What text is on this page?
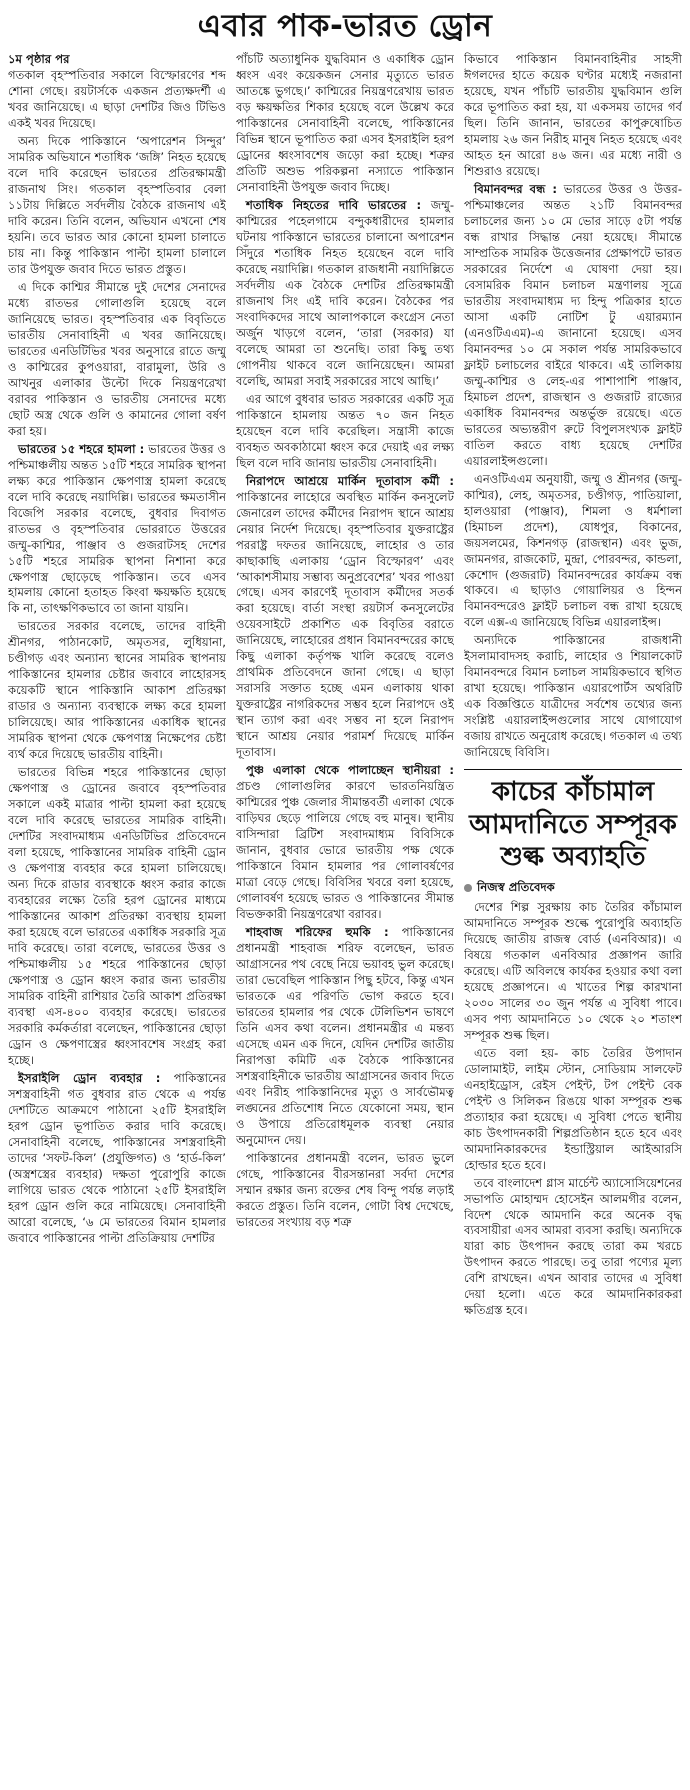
এবার পাক-ভারত ড্রোন

১ম পৃষ্ঠার পর
গতকাল বৃহস্পতিবার সকালে বিস্ফোরণের শব্দ শোনা গেছে। রয়টার্সকে একজন প্রত্যক্ষদর্শী এ খবর জানিয়েছে। এ ছাড়া দেশটির জিও টিভিও একই খবর দিয়েছে।

অন্য দিকে পাকিস্তানে ‘অপারেশন সিন্দুর’ সামরিক অভিযানে শতাধিক ‘জঙ্গি’ নিহত হয়েছে বলে দাবি করেছেন ভারতের প্রতিরক্ষামন্ত্রী রাজনাথ সিং। গতকাল বৃহস্পতিবার বেলা ১১টায় দিল্লিতে সর্বদলীয় বৈঠকে রাজনাথ এই দাবি করেন। তিনি বলেন, অভিযান এখনো শেষ হয়নি। তবে ভারত আর কোনো হামলা চালাতে চায় না। কিন্তু পাকিস্তান পাল্টা হামলা চালালে তার উপযুক্ত জবাব দিতে ভারত প্রস্তুত।

এ দিকে কাশ্মির সীমান্তে দুই দেশের সেনাদের মধ্যে রাতভর গোলাগুলি হয়েছে বলে জানিয়েছে ভারত। বৃহস্পতিবার এক বিবৃতিতে ভারতীয় সেনাবাহিনী এ খবর জানিয়েছে। ভারতের এনডিটিভির খবর অনুসারে রাতে জম্মু ও কাশ্মিরের কুপওয়ারা, বারামুলা, উরি ও আখনুর এলাকার উল্টো দিকে নিয়ন্ত্রণরেখা বরাবর পাকিস্তান ও ভারতীয় সেনাদের মধ্যে ছোট অস্ত্র থেকে গুলি ও কামানের গোলা বর্ষণ করা হয়।

ভারতের ১৫ শহরে হামলা : ভারতের উত্তর ও পশ্চিমাঞ্চলীয় অন্তত ১৫টি শহরে সামরিক স্থাপনা লক্ষ্য করে পাকিস্তান ক্ষেপণাস্ত্র হামলা করেছে বলে দাবি করেছে নয়াদিল্লি। ভারতের ক্ষমতাসীন বিজেপি সরকার বলেছে, বুধবার দিবাগত রাতভর ও বৃহস্পতিবার ভোররাতে উত্তরের জম্মু-কাশ্মির, পাঞ্জাব ও গুজরাটসহ দেশের ১৫টি শহরে সামরিক স্থাপনা নিশানা করে ক্ষেপণাস্ত্র ছোড়েছে পাকিস্তান। তবে এসব হামলায় কোনো হতাহত কিংবা ক্ষয়ক্ষতি হয়েছে কি না, তাৎক্ষণিকভাবে তা জানা যায়নি।

ভারতের সরকার বলেছে, তাদের বাহিনী শ্রীনগর, পাঠানকোট, অমৃতসর, লুধিয়ানা, চণ্ডীগড় এবং অন্যান্য স্থানের সামরিক স্থাপনায় পাকিস্তানের হামলার চেষ্টার জবাবে লাহোরসহ কয়েকটি স্থানে পাকিস্তানি আকাশ প্রতিরক্ষা রাডার ও অন্যান্য ব্যবস্থাকে লক্ষ্য করে হামলা চালিয়েছে। আর পাকিস্তানের একাধিক স্থানের সামরিক স্থাপনা থেকে ক্ষেপণাস্ত্র নিক্ষেপের চেষ্টা ব্যর্থ করে দিয়েছে ভারতীয় বাহিনী।

ভারতের বিভিন্ন শহরে পাকিস্তানের ছোড়া ক্ষেপণাস্ত্র ও ড্রোনের জবাবে বৃহস্পতিবার সকালে একই মাত্রার পাল্টা হামলা করা হয়েছে বলে দাবি করেছে ভারতের সামরিক বাহিনী। দেশটির সংবাদমাধ্যম এনডিটিভির প্রতিবেদনে বলা হয়েছে, পাকিস্তানের সামরিক বাহিনী ড্রোন ও ক্ষেপণাস্ত্র ব্যবহার করে হামলা চালিয়েছে। অন্য দিকে রাডার ব্যবস্থাকে ধ্বংস করার কাজে ব্যবহারের লক্ষ্যে তৈরি হরপ ড্রোনের মাধ্যমে পাকিস্তানের আকাশ প্রতিরক্ষা ব্যবস্থায় হামলা করা হয়েছে বলে ভারতের একাধিক সরকারি সূত্র দাবি করেছে। তারা বলেছে, ভারতের উত্তর ও পশ্চিমাঞ্চলীয় ১৫ শহরে পাকিস্তানের ছোড়া ক্ষেপণাস্ত্র ও ড্রোন ধ্বংস করার জন্য ভারতীয় সামরিক বাহিনী রাশিয়ার তৈরি আকাশ প্রতিরক্ষা ব্যবস্থা এস-৪০০ ব্যবহার করেছে। ভারতের সরকারি কর্মকর্তারা বলেছেন, পাকিস্তানের ছোড়া ড্রোন ও ক্ষেপণাস্ত্রের ধ্বংসাবশেষ সংগ্রহ করা হচ্ছে।

ইসরাইলি ড্রোন ব্যবহার : পাকিস্তানের সশস্ত্রবাহিনী গত বুধবার রাত থেকে এ পর্যন্ত দেশটিতে আক্রমণে পাঠানো ২৫টি ইসরাইলি হরপ ড্রোন ভূপাতিত করার দাবি করেছে। সেনাবাহিনী বলেছে, পাকিস্তানের সশস্ত্রবাহিনী তাদের ‘সফট-কিল’ (প্রযুক্তিগত) ও ‘হার্ড-কিল’ (অস্ত্রশস্ত্রের ব্যবহার) দক্ষতা পুরোপুরি কাজে লাগিয়ে ভারত থেকে পাঠানো ২৫টি ইসরাইলি হরপ ড্রোন গুলি করে নামিয়েছে। সেনাবাহিনী আরো বলেছে, ‘৬ মে ভারতের বিমান হামলার জবাবে পাকিস্তানের পাল্টা প্রতিক্রিয়ায় দেশটির

পাঁচটি অত্যাধুনিক যুদ্ধবিমান ও একাধিক ড্রোন ধ্বংস এবং কয়েকজন সেনার মৃত্যুতে ভারত আতঙ্কে ভুগছে।’ কাশ্মিরের নিয়ন্ত্রণরেখায় ভারত বড় ক্ষয়ক্ষতির শিকার হয়েছে বলে উল্লেখ করে পাকিস্তানের সেনাবাহিনী বলেছে, পাকিস্তানের বিভিন্ন স্থানে ভূপাতিত করা এসব ইসরাইলি হরপ ড্রোনের ধ্বংসাবশেষ জড়ো করা হচ্ছে। শত্রুর প্রতিটি অশুভ পরিকল্পনা নস্যাতে পাকিস্তান সেনাবাহিনী উপযুক্ত জবাব দিচ্ছে।

শতাধিক নিহতের দাবি ভারতের : জম্মু-কাশ্মিরের পহেলগামে বন্দুকধারীদের হামলার ঘটনায় পাকিস্তানে ভারতের চালানো অপারেশন সিঁদুরে শতাধিক নিহত হয়েছেন বলে দাবি করেছে নয়াদিল্লি। গতকাল রাজধানী নয়াদিল্লিতে সর্বদলীয় এক বৈঠকে দেশটির প্রতিরক্ষামন্ত্রী রাজনাথ সিং এই দাবি করেন। বৈঠকের পর সংবাদিকদের সাথে আলাপকালে কংগ্রেস নেতা অর্জুন খাড়গে বলেন, ‘তারা (সরকার) যা বলেছে আমরা তা শুনেছি। তারা কিছু তথ্য গোপনীয় থাকবে বলে জানিয়েছেন। আমরা বলেছি, আমরা সবাই সরকারের সাথে আছি।’

এর আগে বুধবার ভারত সরকারের একটি সূত্র পাকিস্তানে হামলায় অন্তত ৭০ জন নিহত হয়েছেন বলে দাবি করেছিল। সন্ত্রাসী কাজে ব্যবহৃত অবকাঠামো ধ্বংস করে দেয়াই এর লক্ষ্য ছিল বলে দাবি জানায় ভারতীয় সেনাবাহিনী।

নিরাপদে আশ্রয়ে মার্কিন দূতাবাস কর্মী : পাকিস্তানের লাহোরে অবস্থিত মার্কিন কনসুলেট জেনারেল তাদের কর্মীদের নিরাপদ স্থানে আশ্রয় নেয়ার নির্দেশ দিয়েছে। বৃহস্পতিবার যুক্তরাষ্ট্রের পররাষ্ট্র দফতর জানিয়েছে, লাহোর ও তার কাছাকাছি এলাকায় ‘ড্রোন বিস্ফোরণ’ এবং ‘আকাশসীমায় সম্ভাব্য অনুপ্রবেশের’ খবর পাওয়া গেছে। এসব কারণেই দূতাবাস কর্মীদের সতর্ক করা হয়েছে। বার্তা সংস্থা রয়টার্স কনসুলেটের ওয়েবসাইটে প্রকাশিত এক বিবৃতির বরাতে জানিয়েছে, লাহোরের প্রধান বিমানবন্দরের কাছে কিছু এলাকা কর্তৃপক্ষ খালি করেছে বলেও প্রাথমিক প্রতিবেদনে জানা গেছে। এ ছাড়া সরাসরি সক্তাত হচ্ছে এমন এলাকায় থাকা যুক্তরাষ্ট্রের নাগরিকদের সম্ভব হলে নিরাপদে ওই স্থান ত্যাগ করা এবং সম্ভব না হলে নিরাপদ স্থানে আশ্রয় নেয়ার পরামর্শ দিয়েছে মার্কিন দূতাবাস।

পুঞ্চ এলাকা থেকে পালাচ্ছেন স্থানীয়রা : প্রচণ্ড গোলাগুলির কারণে ভারতনিয়ন্ত্রিত কাশ্মিরের পুঞ্চ জেলার সীমান্তবর্তী এলাকা থেকে বাড়িঘর ছেড়ে পালিয়ে গেছে বহু মানুষ। স্থানীয় বাসিন্দারা ব্রিটিশ সংবাদমাধ্যম বিবিসিকে জানান, বুধবার ভোরে ভারতীয় পক্ষ থেকে পাকিস্তানে বিমান হামলার পর গোলাবর্ষণের মাত্রা বেড়ে গেছে। বিবিসির খবরে বলা হয়েছে, গোলাবর্ষণ হয়েছে ভারত ও পাকিস্তানের সীমান্ত বিভক্তকারী নিয়ন্ত্রণরেখা বরাবর।

শাহবাজ শরিফের হুমকি : পাকিস্তানের প্রধানমন্ত্রী শাহবাজ শরিফ বলেছেন, ভারত আগ্রাসনের পথ বেছে নিয়ে ভয়াবহ ভুল করেছে। তারা ভেবেছিল পাকিস্তান পিছু হটবে, কিন্তু এখন ভারতকে এর পরিণতি ভোগ করতে হবে। ভারতের হামলার পর থেকে টেলিভিশন ভাষণে তিনি এসব কথা বলেন। প্রধানমন্ত্রীর এ মন্তব্য এসেছে এমন এক দিনে, যেদিন দেশটির জাতীয় নিরাপত্তা কমিটি এক বৈঠকে পাকিস্তানের সশস্ত্রবাহিনীকে ভারতীয় আগ্রাসনের জবাব দিতে এবং নিরীহ পাকিস্তানিদের মৃত্যু ও সার্বভৌমত্ব লঙ্ঘনের প্রতিশোধ নিতে যেকোনো সময়, স্থান ও উপায়ে প্রতিরোধমূলক ব্যবস্থা নেয়ার অনুমোদন দেয়।

পাকিস্তানের প্রধানমন্ত্রী বলেন, ভারত ভুলে গেছে, পাকিস্তানের বীরসন্তানরা সর্বদা দেশের সম্মান রক্ষার জন্য রক্তের শেষ বিন্দু পর্যন্ত লড়াই করতে প্রস্তুত। তিনি বলেন, গোটা বিশ্ব দেখেছে, ভারতের সংখ্যায় বড় শত্রু

কিভাবে পাকিস্তান বিমানবাহিনীর সাহসী ঈগলদের হাতে কয়েক ঘণ্টার মধ্যেই নজরানা হয়েছে, যখন পাঁচটি ভারতীয় যুদ্ধবিমান গুলি করে ভূপাতিত করা হয়, যা একসময় তাদের গর্ব ছিল। তিনি জানান, ভারতের কাপুরুষোচিত হামলায় ২৬ জন নিরীহ মানুষ নিহত হয়েছে এবং আহত হন আরো ৪৬ জন। এর মধ্যে নারী ও শিশুরাও রয়েছে।

বিমানবন্দর বন্ধ : ভারতের উত্তর ও উত্তর-পশ্চিমাঞ্চলের অন্তত ২১টি বিমানবন্দর চলাচলের জন্য ১০ মে ভোর সাড়ে ৫টা পর্যন্ত বন্ধ রাখার সিদ্ধান্ত নেয়া হয়েছে। সীমান্তে সাম্প্রতিক সামরিক উত্তেজনার প্রেক্ষাপটে ভারত সরকারের নির্দেশে এ ঘোষণা দেয়া হয়। বেসামরিক বিমান চলাচল মন্ত্রণালয় সূত্রে ভারতীয় সংবাদমাধ্যম দ্য হিন্দু পত্রিকার হাতে আসা একটি নোটিশ টু এয়ারম্যান (এনওটিএএম)-এ জানানো হয়েছে। এসব বিমানবন্দর ১০ মে সকাল পর্যন্ত সামরিকভাবে ফ্লাইট চলাচলের বাইরে থাকবে। এই তালিকায় জম্মু-কাশ্মির ও লেহ-এর পাশাপাশি পাঞ্জাব, হিমাচল প্রদেশ, রাজস্থান ও গুজরাট রাজ্যের একাধিক বিমানবন্দর অন্তর্ভুক্ত রয়েছে। এতে ভারতের অভ্যন্তরীণ রুটে বিপুলসংখ্যক ফ্লাইট বাতিল করতে বাধ্য হয়েছে দেশটির এয়ারলাইন্সগুলো।

এনওটিএএম অনুযায়ী, জম্মু ও শ্রীনগর (জম্মু-কাশ্মির), লেহ, অমৃতসর, চণ্ডীগড়, পাতিয়ালা, হালওয়ারা (পাঞ্জাব), শিমলা ও ধর্মশালা (হিমাচল প্রদেশ), যোধপুর, বিকানের, জয়সলমের, কিশনগড় (রাজস্থান) এবং ভুজ, জামনগর, রাজকোট, মুন্দ্রা, পোরবন্দর, কান্ডলা, কেশোদ (গুজরাট) বিমানবন্দরের কার্যক্রম বন্ধ থাকবে। এ ছাড়াও গোয়ালিয়র ও হিন্দন বিমানবন্দরেও ফ্লাইট চলাচল বন্ধ রাখা হয়েছে বলে এক্স-এ জানিয়েছে বিভিন্ন এয়ারলাইন্স।

অন্যদিকে পাকিস্তানের রাজধানী ইসলামাবাদসহ করাচি, লাহোর ও শিয়ালকোট বিমানবন্দরে বিমান চলাচল সাময়িকভাবে স্থগিত রাখা হয়েছে। পাকিস্তান এয়ারপোর্টস অথরিটি এক বিজ্ঞপ্তিতে যাত্রীদের সর্বশেষ তথ্যের জন্য সংশ্লিষ্ট এয়ারলাইন্সগুলোর সাথে যোগাযোগ বজায় রাখতে অনুরোধ করেছে। গতকাল এ তথ্য জানিয়েছে বিবিসি।

কাচের কাঁচামাল আমদানিতে সম্পূরক শুল্ক অব্যাহতি
নিজস্ব প্রতিবেদক

দেশের শিল্প সুরক্ষায় কাচ তৈরির কাঁচামাল আমদানিতে সম্পূরক শুল্কে পুরোপুরি অব্যাহতি দিয়েছে জাতীয় রাজস্ব বোর্ড (এনবিআর)। এ বিষয়ে গতকাল এনবিআর প্রজ্ঞাপন জারি করেছে। এটি অবিলম্বে কার্যকর হওয়ার কথা বলা হয়েছে প্রজ্ঞাপনে। এ খাতের শিল্প কারখানা ২০৩০ সালের ৩০ জুন পর্যন্ত এ সুবিধা পাবে। এসব পণ্য আমদানিতে ১০ থেকে ২০ শতাংশ সম্পূরক শুল্ক ছিল।

এতে বলা হয়- কাচ তৈরির উপাদান ডোলামাইট, লাইম স্টোন, সোডিয়াম সালফেট এনহাইড্রোস, রেইস পেইন্ট, টপ পেইন্ট বেক পেইন্ট ও সিলিকন রিঙয়ে থাকা সম্পূরক শুল্ক প্রত্যাহার করা হয়েছে। এ সুবিধা পেতে স্থানীয় কাচ উৎপাদনকারী শিল্পপ্রতিষ্ঠান হতে হবে এবং আমদানিকারকদের ইন্ডাস্ট্রিয়াল আইআরসি হোল্ডার হতে হবে।

তবে বাংলাদেশ গ্লাস মার্চেন্ট অ্যাসোসিয়েশনের সভাপতি মোহাম্মদ হোসেইন আলমগীর বলেন, বিদেশ থেকে আমদানি করে অনেক বৃদ্ধ ব্যবসায়ীরা এসব আমরা ব্যবসা করছি। অন্যদিকে যারা কাচ উৎপাদন করছে তারা কম খরচে উৎপাদন করতে পারছে। তবু তারা পণ্যের মূল্য বেশি রাখছেন। এখন আবার তাদের এ সুবিধা দেয়া হলো। এতে করে আমদানিকারকরা ক্ষতিগ্রস্ত হবে।
